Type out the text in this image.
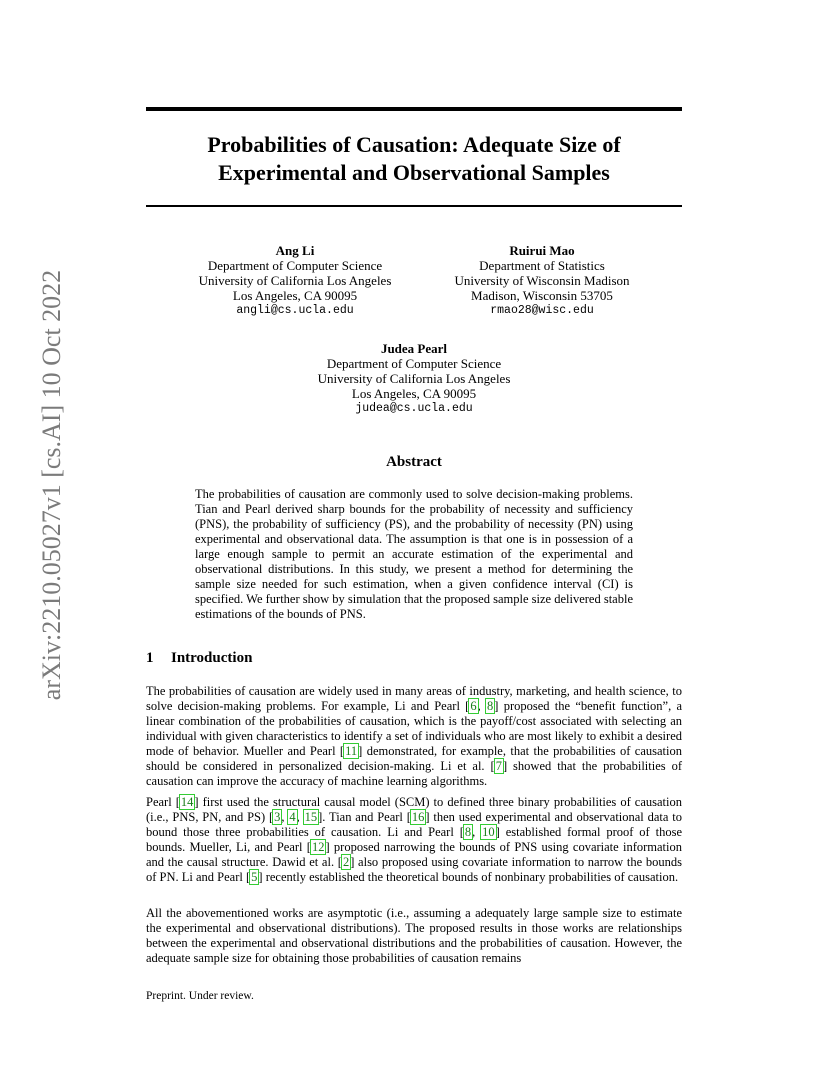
arXiv:2210.05027v1 [cs.AI] 10 Oct 2022
Probabilities of Causation: Adequate Size of
Experimental and Observational Samples
Ang Li
Department of Computer Science
University of California Los Angeles
Los Angeles, CA 90095
angli@cs.ucla.edu
Ruirui Mao
Department of Statistics
University of Wisconsin Madison
Madison, Wisconsin 53705
rmao28@wisc.edu
Judea Pearl
Department of Computer Science
University of California Los Angeles
Los Angeles, CA 90095
judea@cs.ucla.edu
Abstract

The probabilities of causation are commonly used to solve decision-making problems. Tian and Pearl derived sharp bounds for the probability of necessity and sufficiency (PNS), the probability of sufficiency (PS), and the probability of necessity (PN) using experimental and observational data. The assumption is that one is in possession of a large enough sample to permit an accurate estimation of the experimental and observational distributions. In this study, we present a method for determining the sample size needed for such estimation, when a given confidence interval (CI) is specified. We further show by simulation that the proposed sample size delivered stable estimations of the bounds of PNS.

1 Introduction

The probabilities of causation are widely used in many areas of industry, marketing, and health science, to solve decision-making problems. For example, Li and Pearl [6, 8] proposed the “benefit function”, a linear combination of the probabilities of causation, which is the payoff/cost associated with selecting an individual with given characteristics to identify a set of individuals who are most likely to exhibit a desired mode of behavior. Mueller and Pearl [11] demonstrated, for example, that the probabilities of causation should be considered in personalized decision-making. Li et al. [7] showed that the probabilities of causation can improve the accuracy of machine learning algorithms.

Pearl [14] first used the structural causal model (SCM) to defined three binary probabilities of causation (i.e., PNS, PN, and PS) [3, 4, 15]. Tian and Pearl [16] then used experimental and observational data to bound those three probabilities of causation. Li and Pearl [8, 10] established formal proof of those bounds. Mueller, Li, and Pearl [12] proposed narrowing the bounds of PNS using covariate information and the causal structure. Dawid et al. [2] also proposed using covariate information to narrow the bounds of PN. Li and Pearl [5] recently established the theoretical bounds of nonbinary probabilities of causation.

All the abovementioned works are asymptotic (i.e., assuming a adequately large sample size to estimate the experimental and observational distributions). The proposed results in those works are relationships between the experimental and observational distributions and the probabilities of causation. However, the adequate sample size for obtaining those probabilities of causation remains

Preprint. Under review.
